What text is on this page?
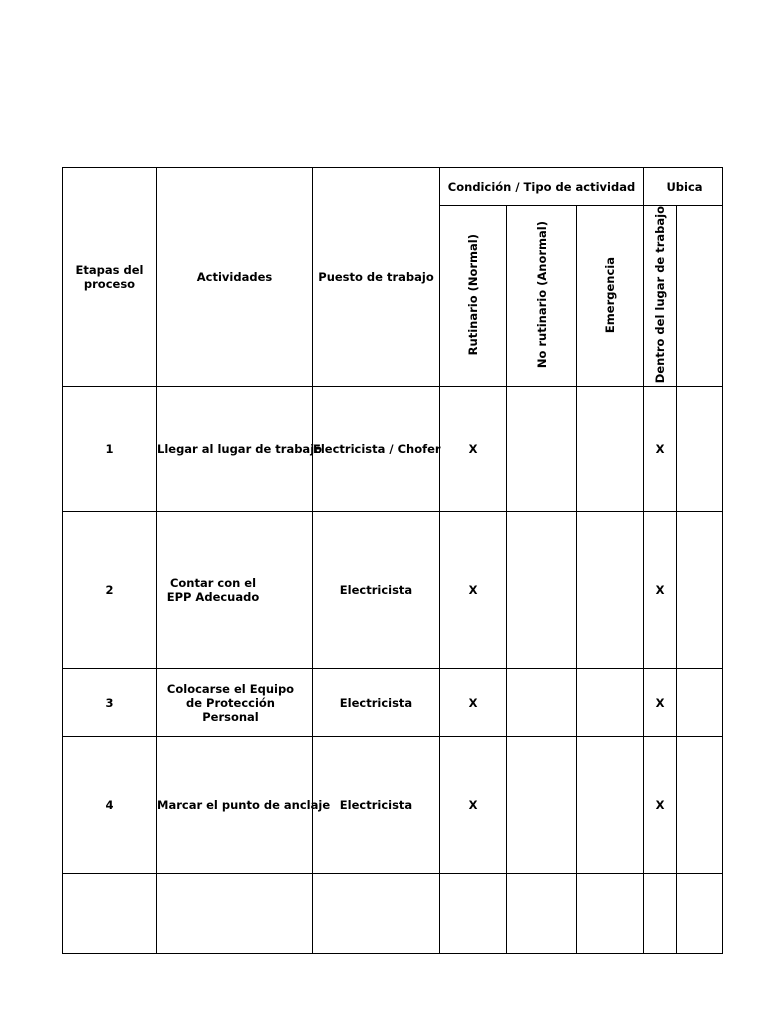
Etapas del proceso	Actividades	Puesto de trabajo	Condición / Tipo de actividad			Ubica	
			Rutinario (Normal)	No rutinario (Anormal)	Emergencia	Dentro del lugar de trabajo	
1	Llegar al lugar de trabajo	Electricista / Chofer	X			X	
2	Contar con el EPP Adecuado	Electricista	X			X	
3	Colocarse el Equipo de Protección Personal	Electricista	X			X	
4	Marcar el punto de anclaje	Electricista	X			X	
